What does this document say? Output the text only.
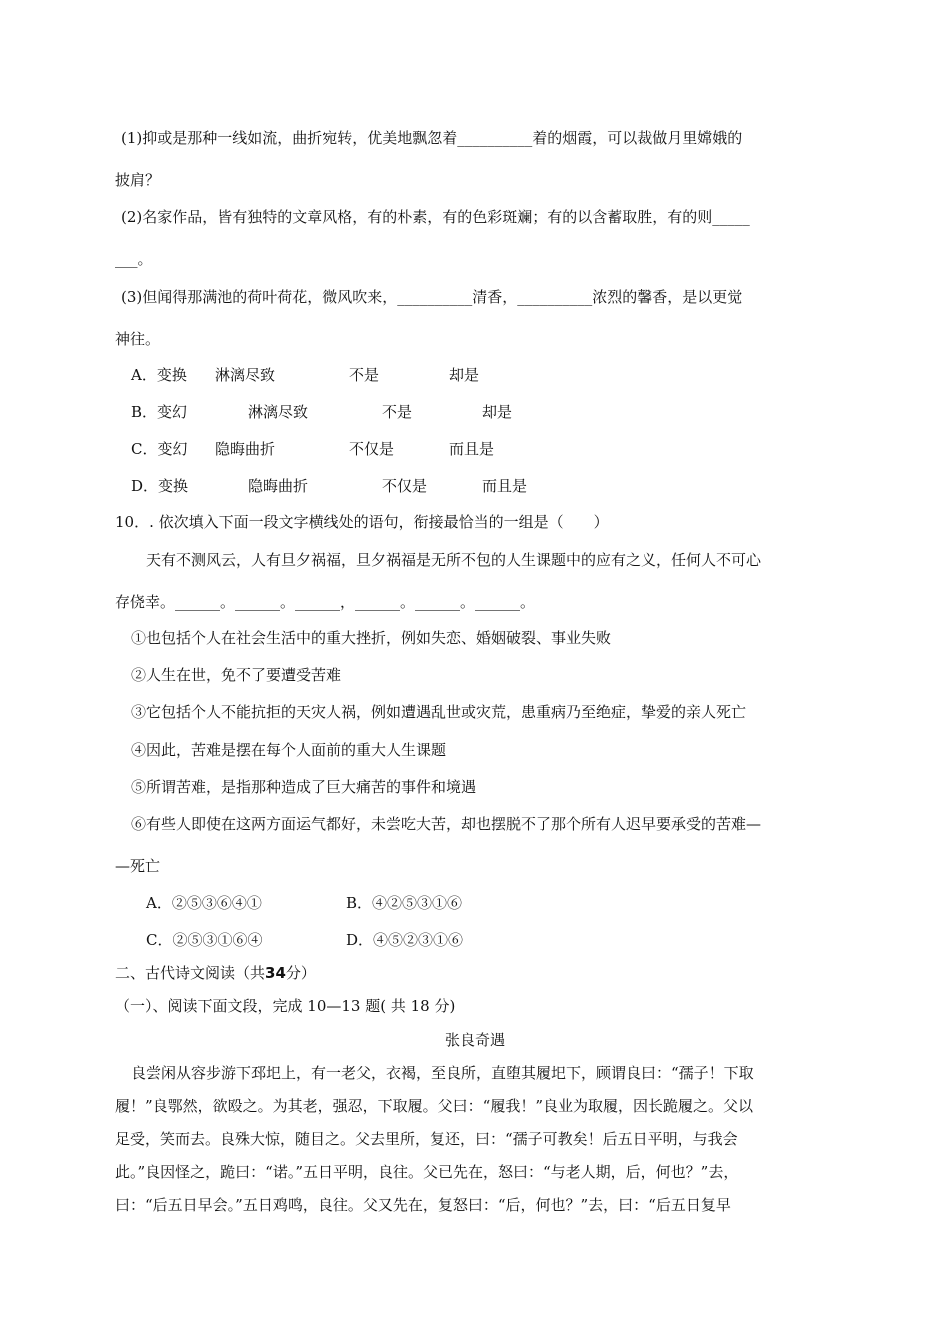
(1)抑或是那种一线如流，曲折宛转，优美地飘忽着__________着的烟霞，可以裁做月里嫦娥的
披肩？
(2)名家作品，皆有独特的文章风格，有的朴素，有的色彩斑斓；有的以含蓄取胜，有的则_____
___。
(3)但闻得那满池的荷叶荷花，微风吹来，__________清香，__________浓烈的馨香，是以更觉
神往。
A．变换 淋漓尽致	不是	却是
B．变幻	淋漓尽致	不是	却是
C．变幻 隐晦曲折	不仅是	而且是
D．变换	隐晦曲折	不仅是	而且是
10．. 依次填入下面一段文字横线处的语句，衔接最恰当的一组是（　　）
天有不测风云，人有旦夕祸福，旦夕祸福是无所不包的人生课题中的应有之义，任何人不可心
存侥幸。______。______。______，______。______。______。
①也包括个人在社会生活中的重大挫折，例如失恋、婚姻破裂、事业失败
②人生在世，免不了要遭受苦难
③它包括个人不能抗拒的天灾人祸，例如遭遇乱世或灾荒，患重病乃至绝症，挚爱的亲人死亡
④因此，苦难是摆在每个人面前的重大人生课题
⑤所谓苦难，是指那种造成了巨大痛苦的事件和境遇
⑥有些人即使在这两方面运气都好，未尝吃大苦，却也摆脱不了那个所有人迟早要承受的苦难—
—死亡
A．②⑤③⑥④①	B．④②⑤③①⑥
C．②⑤③①⑥④	D．④⑤②③①⑥
二、古代诗文阅读（共34分）
（一）、阅读下面文段，完成 10—13 题( 共 18 分)
张良奇遇
良尝闲从容步游下邳圯上，有一老父，衣褐，至良所，直堕其履圯下，顾谓良曰：“孺子！下取
履！”良鄂然，欲殴之。为其老，强忍，下取履。父曰：“履我！”良业为取履，因长跪履之。父以
足受，笑而去。良殊大惊，随目之。父去里所，复还，曰：“孺子可教矣！后五日平明，与我会
此。”良因怪之，跪曰：“诺。”五日平明，良往。父已先在，怒曰：“与老人期，后，何也？”去，
曰：“后五日早会。”五日鸡鸣，良往。父又先在，复怒曰：“后，何也？”去，曰：“后五日复早
